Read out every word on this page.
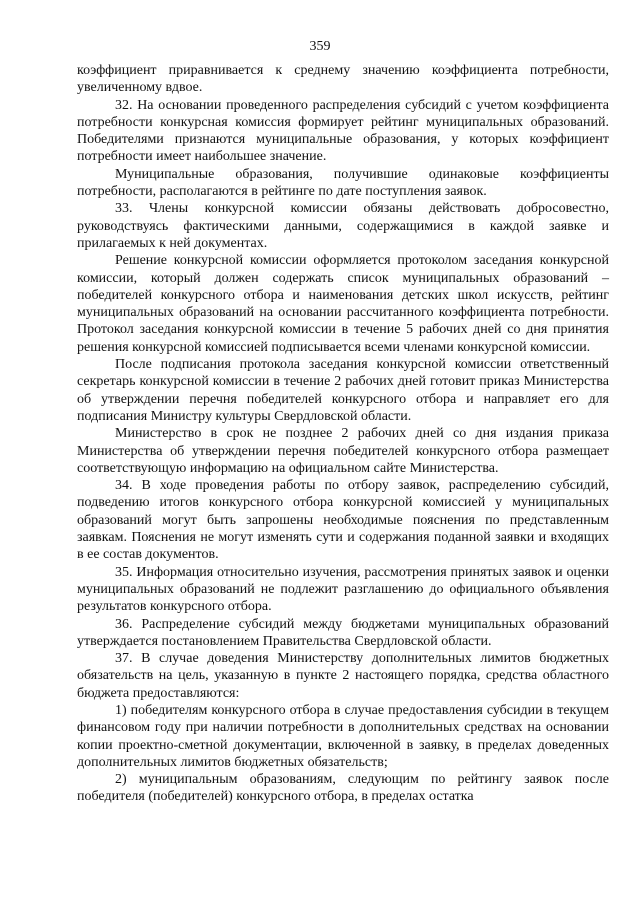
359

коэффициент приравнивается к среднему значению коэффициента потребности, увеличенному вдвое.

32. На основании проведенного распределения субсидий с учетом коэффициента потребности конкурсная комиссия формирует рейтинг муниципальных образований. Победителями признаются муниципальные образования, у которых коэффициент потребности имеет наибольшее значение.

Муниципальные образования, получившие одинаковые коэффициенты потребности, располагаются в рейтинге по дате поступления заявок.

33. Члены конкурсной комиссии обязаны действовать добросовестно, руководствуясь фактическими данными, содержащимися в каждой заявке и прилагаемых к ней документах.

Решение конкурсной комиссии оформляется протоколом заседания конкурсной комиссии, который должен содержать список муниципальных образований – победителей конкурсного отбора и наименования детских школ искусств, рейтинг муниципальных образований на основании рассчитанного коэффициента потребности. Протокол заседания конкурсной комиссии в течение 5 рабочих дней со дня принятия решения конкурсной комиссией подписывается всеми членами конкурсной комиссии.

После подписания протокола заседания конкурсной комиссии ответственный секретарь конкурсной комиссии в течение 2 рабочих дней готовит приказ Министерства об утверждении перечня победителей конкурсного отбора и направляет его для подписания Министру культуры Свердловской области.

Министерство в срок не позднее 2 рабочих дней со дня издания приказа Министерства об утверждении перечня победителей конкурсного отбора размещает соответствующую информацию на официальном сайте Министерства.

34. В ходе проведения работы по отбору заявок, распределению субсидий, подведению итогов конкурсного отбора конкурсной комиссией у муниципальных образований могут быть запрошены необходимые пояснения по представленным заявкам. Пояснения не могут изменять сути и содержания поданной заявки и входящих в ее состав документов.

35. Информация относительно изучения, рассмотрения принятых заявок и оценки муниципальных образований не подлежит разглашению до официального объявления результатов конкурсного отбора.

36. Распределение субсидий между бюджетами муниципальных образований утверждается постановлением Правительства Свердловской области.

37. В случае доведения Министерству дополнительных лимитов бюджетных обязательств на цель, указанную в пункте 2 настоящего порядка, средства областного бюджета предоставляются:

1) победителям конкурсного отбора в случае предоставления субсидии в текущем финансовом году при наличии потребности в дополнительных средствах на основании копии проектно-сметной документации, включенной в заявку, в пределах доведенных дополнительных лимитов бюджетных обязательств;

2) муниципальным образованиям, следующим по рейтингу заявок после победителя (победителей) конкурсного отбора, в пределах остатка
